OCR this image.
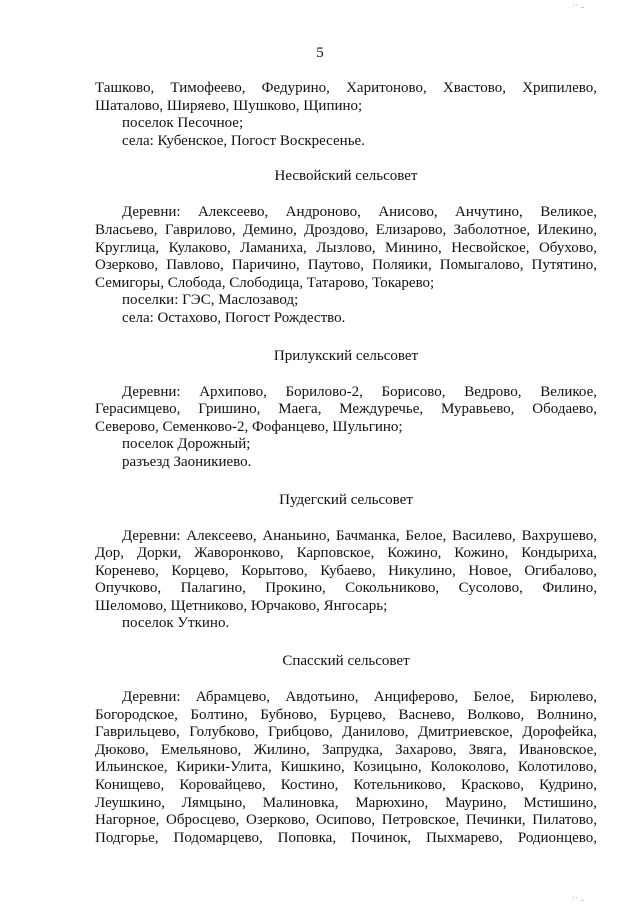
·· ..
5
Ташково, Тимофеево, Федурино, Харитоново, Хвастово, Хрипилево,
Шаталово, Ширяево, Шушково, Щипино;
поселок Песочное;
села: Кубенское, Погост Воскресенье.
Несвойский сельсовет
Деревни: Алексеево, Андроново, Анисово, Анчутино, Великое,
Власьево, Гаврилово, Демино, Дроздово, Елизарово, Заболотное, Илекино,
Круглица, Кулаково, Ламаниха, Лызлово, Минино, Несвойское, Обухово,
Озерково, Павлово, Паричино, Паутово, Поляики, Помыгалово, Путятино,
Семигоры, Слобода, Слободица, Татарово, Токарево;
поселки: ГЭС, Маслозавод;
села: Остахово, Погост Рождество.
Прилукский сельсовет
Деревни: Архипово, Борилово-2, Борисово, Ведрово, Великое,
Герасимцево, Гришино, Маега, Междуречье, Муравьево, Ободаево,
Северово, Семенково-2, Фофанцево, Шульгино;
поселок Дорожный;
разъезд Заоникиево.
Пудегский сельсовет
Деревни: Алексеево, Ананьино, Бачманка, Белое, Василево, Вахрушево,
Дор, Дорки, Жаворонково, Карповское, Кожино, Кожино, Кондыриха,
Коренево, Корцево, Корытово, Кубаево, Никулино, Новое, Огибалово,
Опучково, Палагино, Прокино, Сокольниково, Сусолово, Филино,
Шеломово, Щетниково, Юрчаково, Янгосарь;
поселок Уткино.
Спасский сельсовет
Деревни: Абрамцево, Авдотьино, Анциферово, Белое, Бирюлево,
Богородское, Болтино, Бубново, Бурцево, Васнево, Волково, Волнино,
Гаврильцево, Голубково, Грибцово, Данилово, Дмитриевское, Дорофейка,
Дюково, Емельяново, Жилино, Запрудка, Захарово, Звяга, Ивановское,
Ильинское, Кирики-Улита, Кишкино, Козицыно, Колоколово, Колотилово,
Конищево, Коровайцево, Костино, Котельниково, Красково, Кудрино,
Леушкино, Лямцыно, Малиновка, Марюхино, Маурино, Мстишино,
Нагорное, Обросцево, Озерково, Осипово, Петровское, Печинки, Пилатово,
Подгорье, Подомарцево, Поповка, Починок, Пыхмарево, Родионцево,
·· ..
